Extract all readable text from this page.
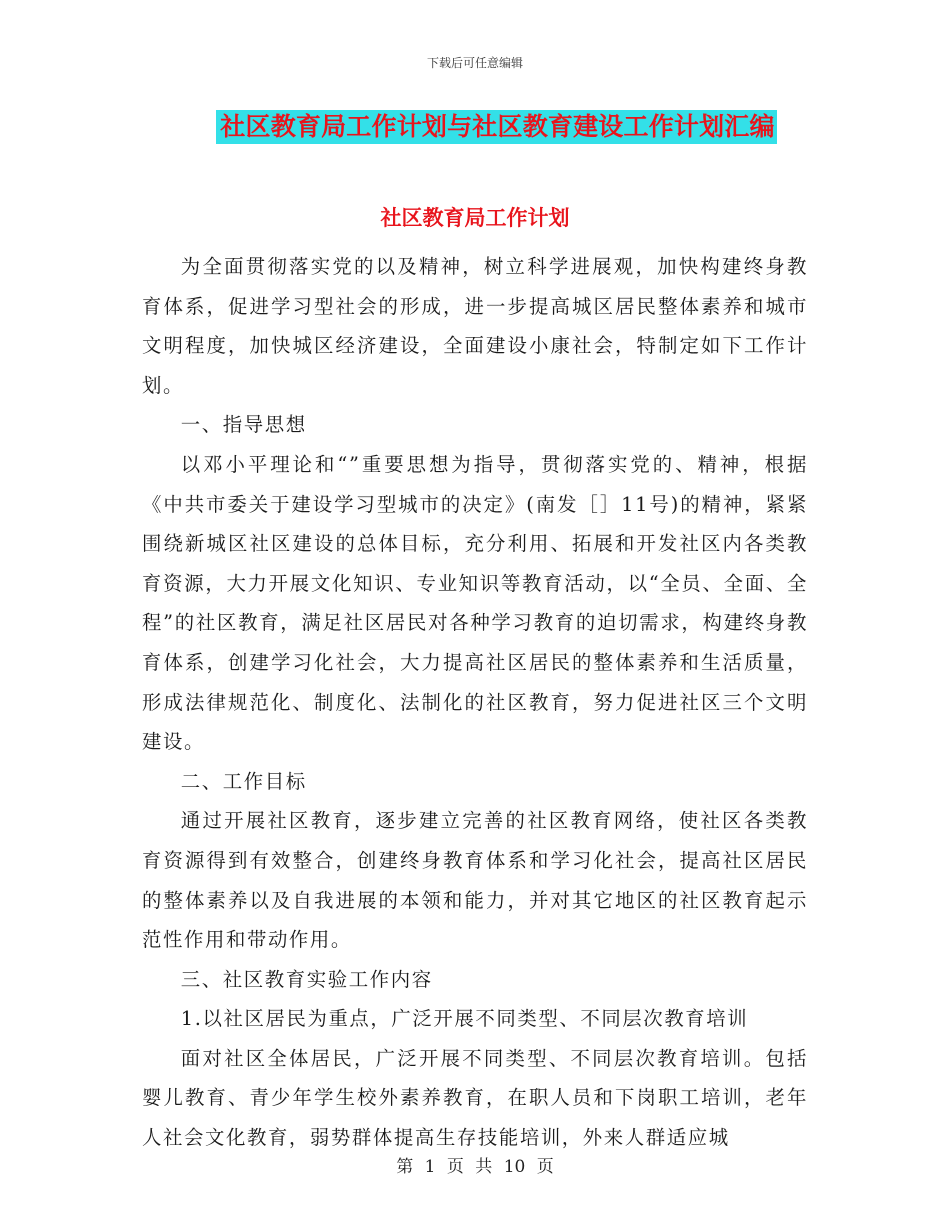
下载后可任意编辑
社区教育局工作计划与社区教育建设工作计划汇编
社区教育局工作计划

为全面贯彻落实党的以及精神，树立科学进展观，加快构建终身教育体系，促进学习型社会的形成，进一步提高城区居民整体素养和城市文明程度，加快城区经济建设，全面建设小康社会，特制定如下工作计划。

一、指导思想

以邓小平理论和“”重要思想为指导，贯彻落实党的、精神，根据《中共市委关于建设学习型城市的决定》(南发［］11号)的精神，紧紧围绕新城区社区建设的总体目标，充分利用、拓展和开发社区内各类教育资源，大力开展文化知识、专业知识等教育活动，以“全员、全面、全程”的社区教育，满足社区居民对各种学习教育的迫切需求，构建终身教育体系，创建学习化社会，大力提高社区居民的整体素养和生活质量，形成法律规范化、制度化、法制化的社区教育，努力促进社区三个文明建设。

二、工作目标

通过开展社区教育，逐步建立完善的社区教育网络，使社区各类教育资源得到有效整合，创建终身教育体系和学习化社会，提高社区居民的整体素养以及自我进展的本领和能力，并对其它地区的社区教育起示范性作用和带动作用。

三、社区教育实验工作内容

1.以社区居民为重点，广泛开展不同类型、不同层次教育培训

面对社区全体居民，广泛开展不同类型、不同层次教育培训。包括婴儿教育、青少年学生校外素养教育，在职人员和下岗职工培训，老年人社会文化教育，弱势群体提高生存技能培训，外来人群适应城

第 1 页 共 10 页
